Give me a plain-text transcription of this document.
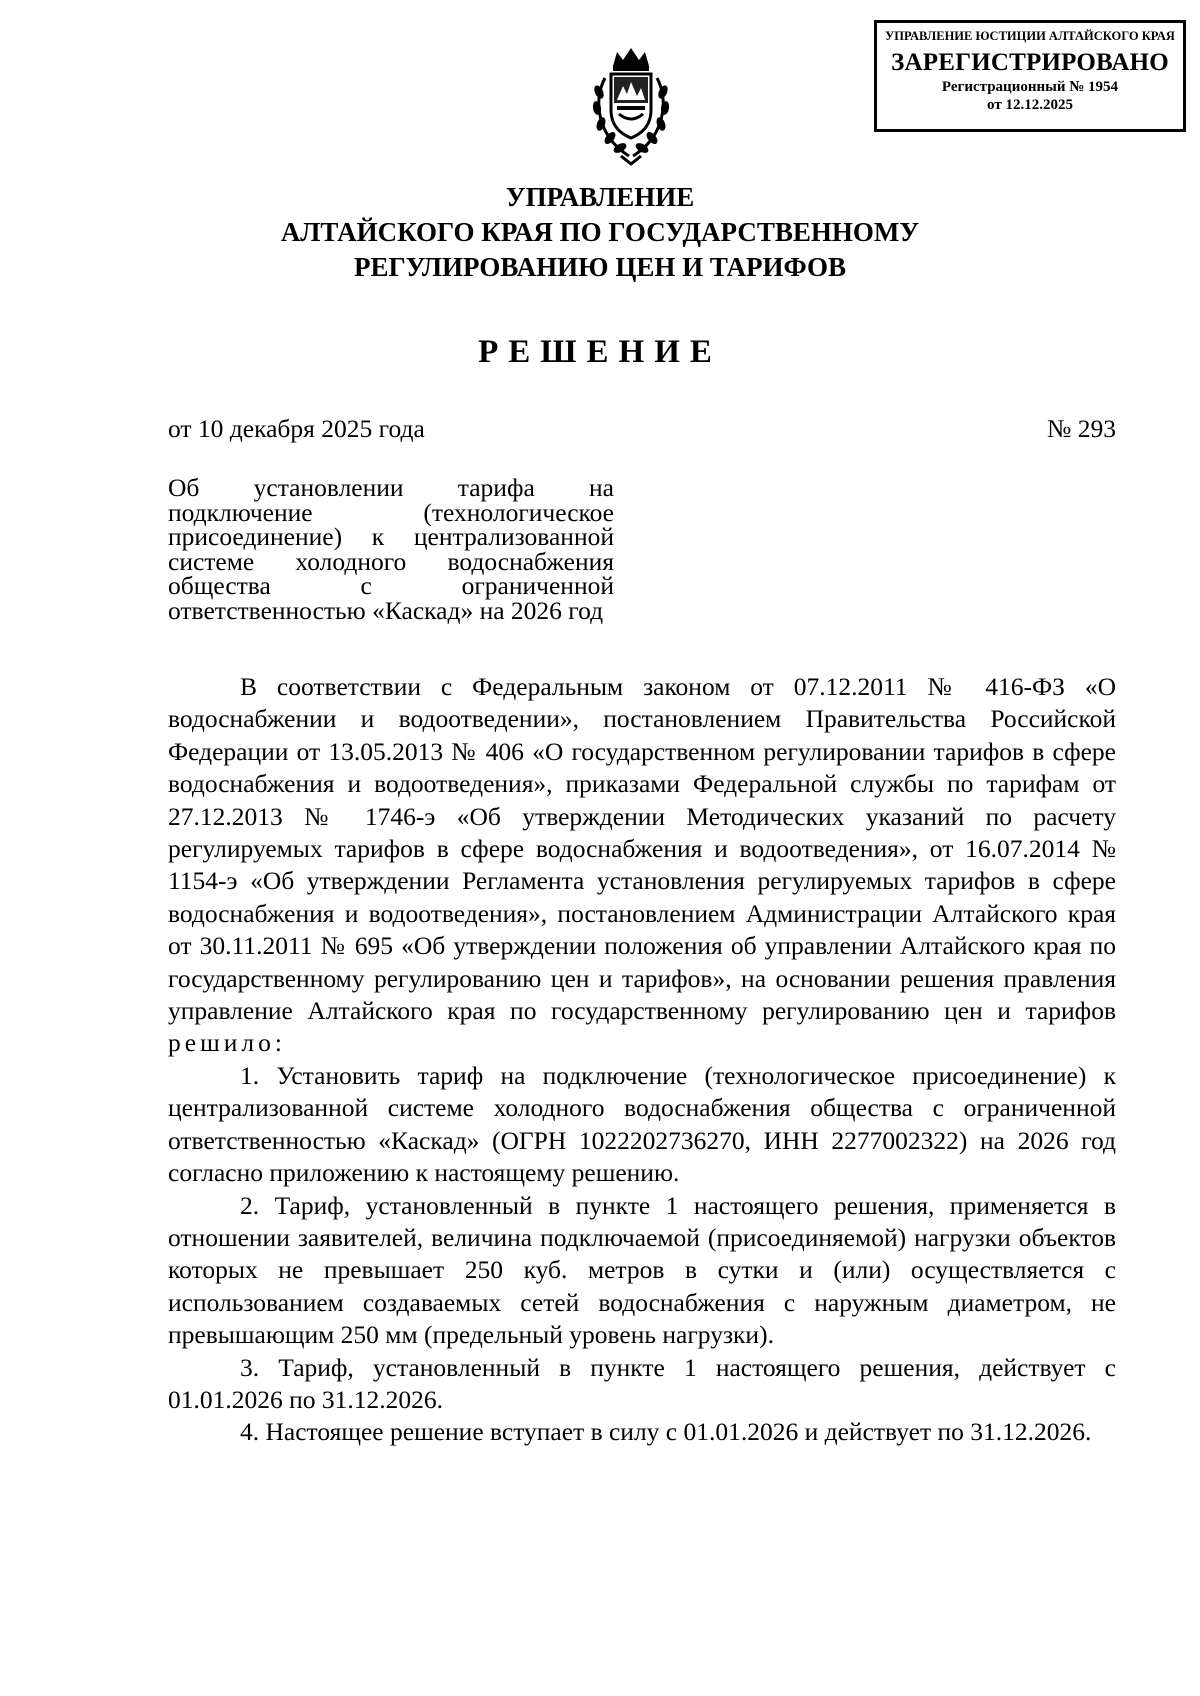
УПРАВЛЕНИЕ ЮСТИЦИИ АЛТАЙСКОГО КРАЯ
ЗАРЕГИСТРИРОВАНО
Регистрационный № 1954
от 12.12.2025
УПРАВЛЕНИЕ
АЛТАЙСКОГО КРАЯ ПО ГОСУДАРСТВЕННОМУ
РЕГУЛИРОВАНИЮ ЦЕН И ТАРИФОВ
РЕШЕНИЕ
от 10 декабря 2025 года	№ 293
Об установлении тарифа на подключение (технологическое присоединение) к централизованной системе холодного водоснабжения общества с ограниченной ответственностью «Каскад» на 2026 год

В соответствии с Федеральным законом от 07.12.2011 № 416-ФЗ «О водоснабжении и водоотведении», постановлением Правительства Российской Федерации от 13.05.2013 № 406 «О государственном регулировании тарифов в сфере водоснабжения и водоотведения», приказами Федеральной службы по тарифам от 27.12.2013 № 1746-э «Об утверждении Методических указаний по расчету регулируемых тарифов в сфере водоснабжения и водоотведения», от 16.07.2014 № 1154-э «Об утверждении Регламента установления регулируемых тарифов в сфере водоснабжения и водоотведения», постановлением Администрации Алтайского края от 30.11.2011 № 695 «Об утверждении положения об управлении Алтайского края по государственному регулированию цен и тарифов», на основании решения правления управление Алтайского края по государственному регулированию цен и тарифов решило:

1. Установить тариф на подключение (технологическое присоединение) к централизованной системе холодного водоснабжения общества с ограниченной ответственностью «Каскад» (ОГРН 1022202736270, ИНН 2277002322) на 2026 год согласно приложению к настоящему решению.

2. Тариф, установленный в пункте 1 настоящего решения, применяется в отношении заявителей, величина подключаемой (присоединяемой) нагрузки объектов которых не превышает 250 куб. метров в сутки и (или) осуществляется с использованием создаваемых сетей водоснабжения с наружным диаметром, не превышающим 250 мм (предельный уровень нагрузки).

3. Тариф, установленный в пункте 1 настоящего решения, действует с 01.01.2026 по 31.12.2026.

4. Настоящее решение вступает в силу с 01.01.2026 и действует по 31.12.2026.
